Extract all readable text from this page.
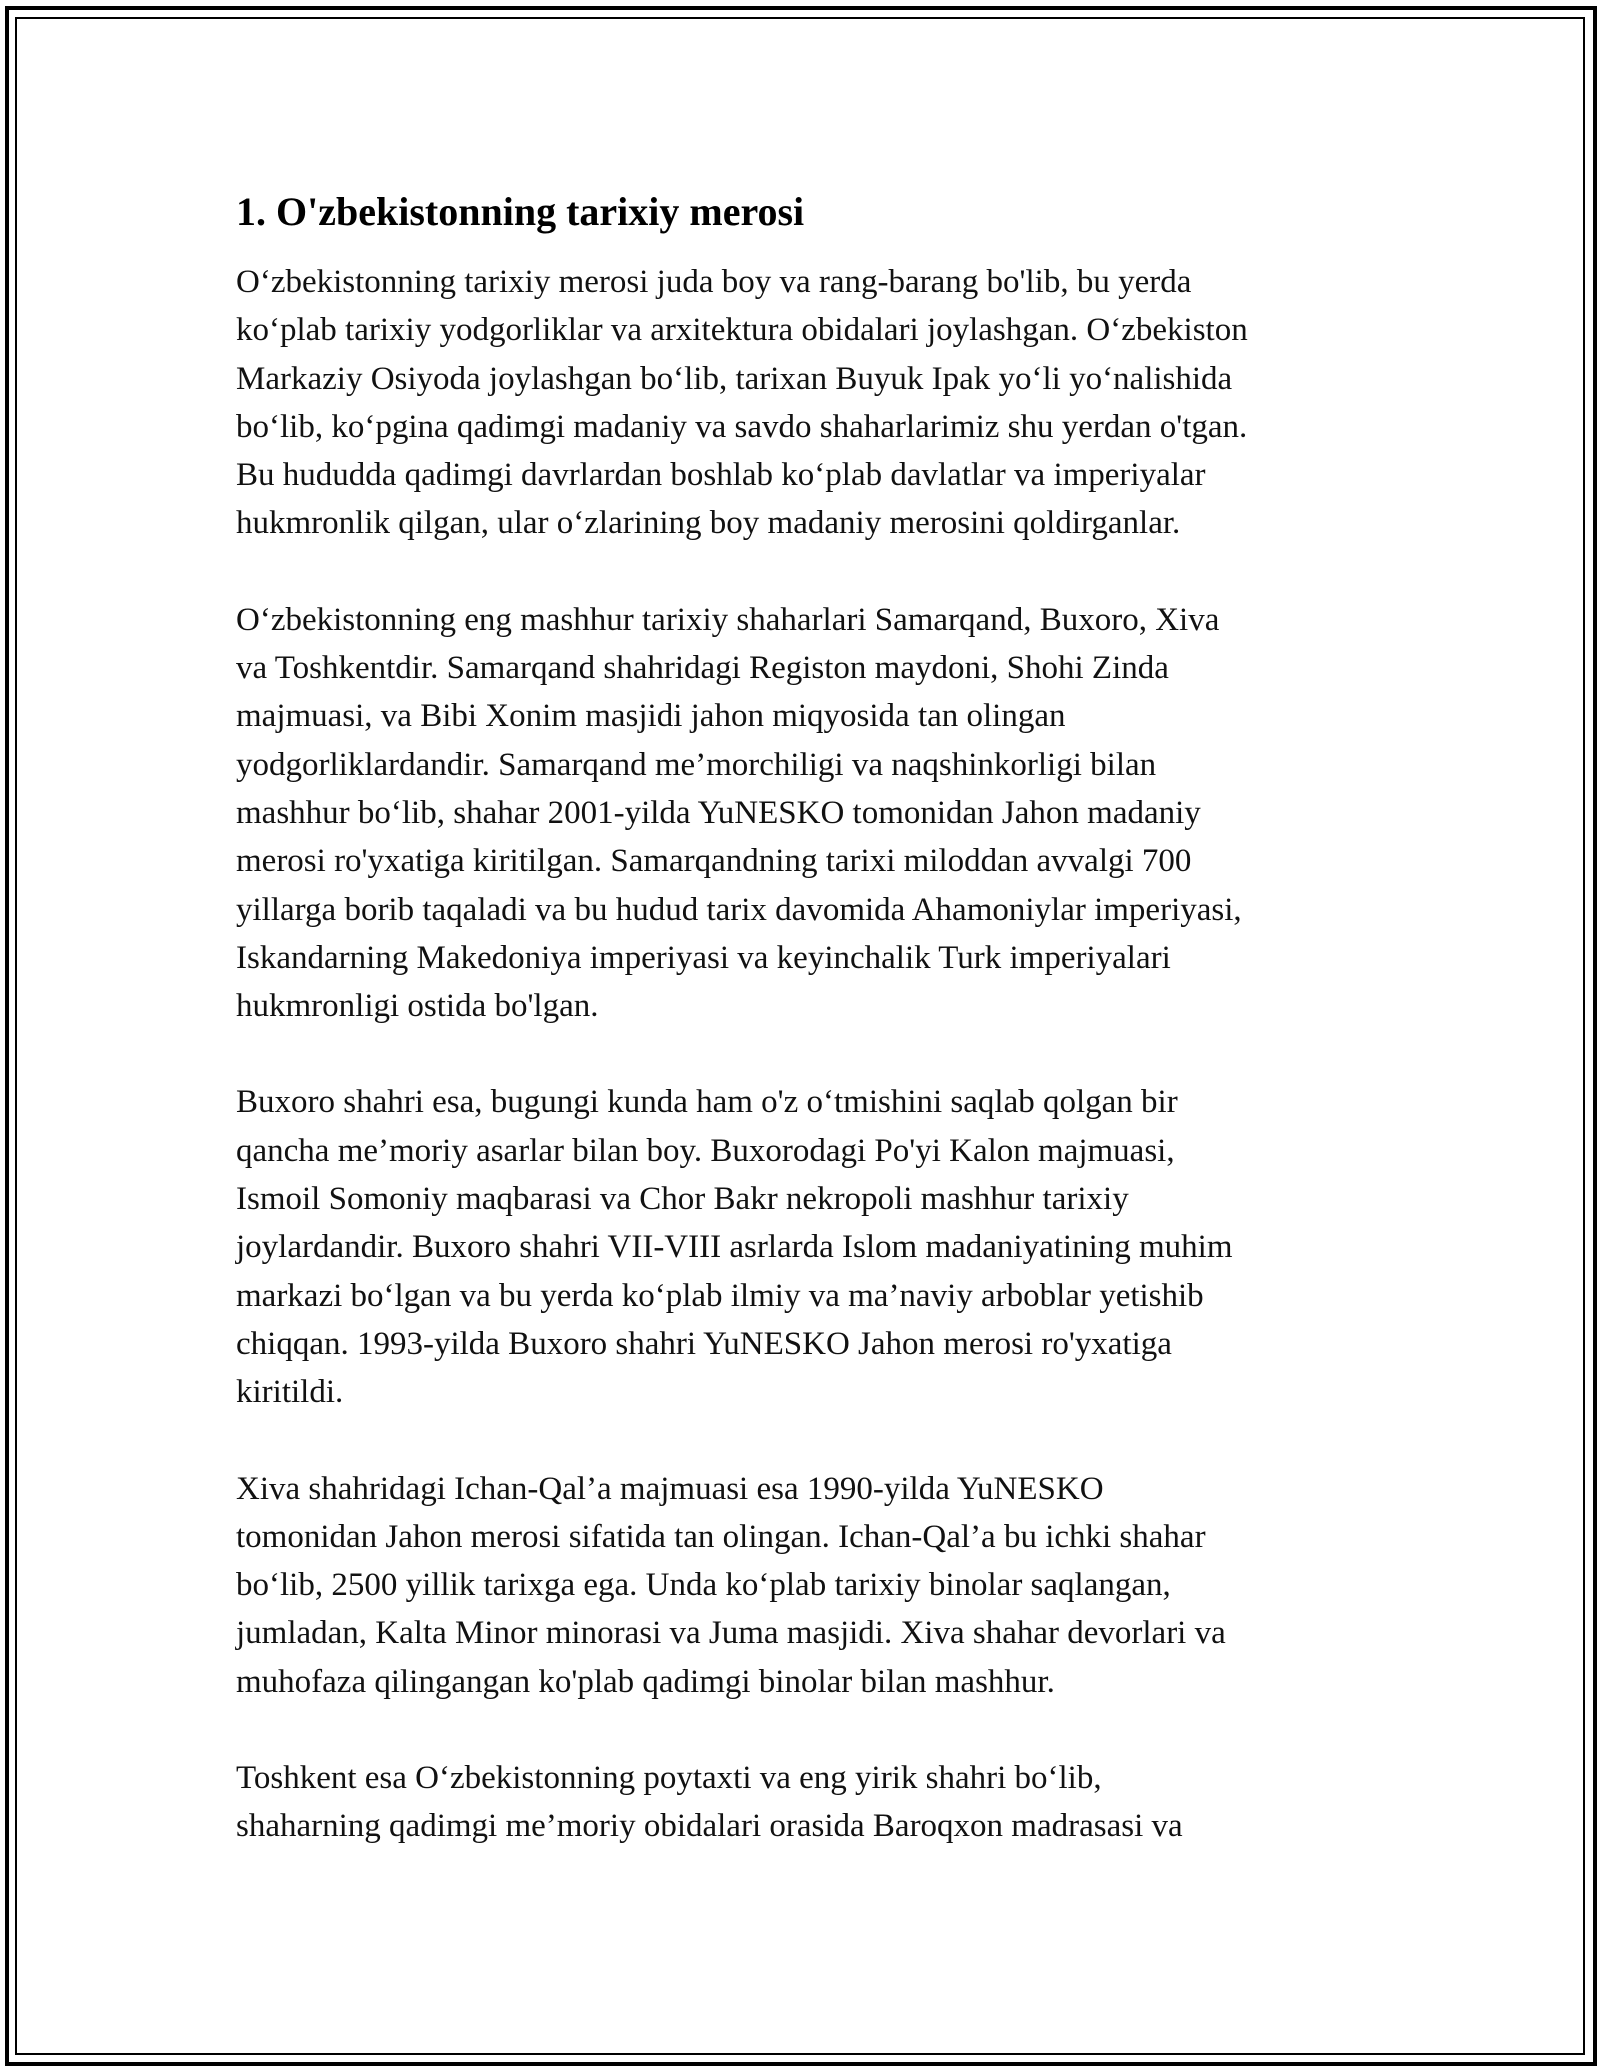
1. O'zbekistonning tarixiy merosi

O‘zbekistonning tarixiy merosi juda boy va rang-barang bo'lib, bu yerda
ko‘plab tarixiy yodgorliklar va arxitektura obidalari joylashgan. O‘zbekiston
Markaziy Osiyoda joylashgan bo‘lib, tarixan Buyuk Ipak yo‘li yo‘nalishida
bo‘lib, ko‘pgina qadimgi madaniy va savdo shaharlarimiz shu yerdan o'tgan.
Bu hududda qadimgi davrlardan boshlab ko‘plab davlatlar va imperiyalar
hukmronlik qilgan, ular o‘zlarining boy madaniy merosini qoldirganlar.

O‘zbekistonning eng mashhur tarixiy shaharlari Samarqand, Buxoro, Xiva
va Toshkentdir. Samarqand shahridagi Registon maydoni, Shohi Zinda
majmuasi, va Bibi Xonim masjidi jahon miqyosida tan olingan
yodgorliklardandir. Samarqand me’morchiligi va naqshinkorligi bilan
mashhur bo‘lib, shahar 2001-yilda YuNESKO tomonidan Jahon madaniy
merosi ro'yxatiga kiritilgan. Samarqandning tarixi miloddan avvalgi 700
yillarga borib taqaladi va bu hudud tarix davomida Ahamoniylar imperiyasi,
Iskandarning Makedoniya imperiyasi va keyinchalik Turk imperiyalari
hukmronligi ostida bo'lgan.

Buxoro shahri esa, bugungi kunda ham o'z o‘tmishini saqlab qolgan bir
qancha me’moriy asarlar bilan boy. Buxorodagi Po'yi Kalon majmuasi,
Ismoil Somoniy maqbarasi va Chor Bakr nekropoli mashhur tarixiy
joylardandir. Buxoro shahri VII-VIII asrlarda Islom madaniyatining muhim
markazi bo‘lgan va bu yerda ko‘plab ilmiy va ma’naviy arboblar yetishib
chiqqan. 1993-yilda Buxoro shahri YuNESKO Jahon merosi ro'yxatiga
kiritildi.

Xiva shahridagi Ichan-Qal’a majmuasi esa 1990-yilda YuNESKO
tomonidan Jahon merosi sifatida tan olingan. Ichan-Qal’a bu ichki shahar
bo‘lib, 2500 yillik tarixga ega. Unda ko‘plab tarixiy binolar saqlangan,
jumladan, Kalta Minor minorasi va Juma masjidi. Xiva shahar devorlari va
muhofaza qilingangan ko'plab qadimgi binolar bilan mashhur.

Toshkent esa O‘zbekistonning poytaxti va eng yirik shahri bo‘lib,
shaharning qadimgi me’moriy obidalari orasida Baroqxon madrasasi va
